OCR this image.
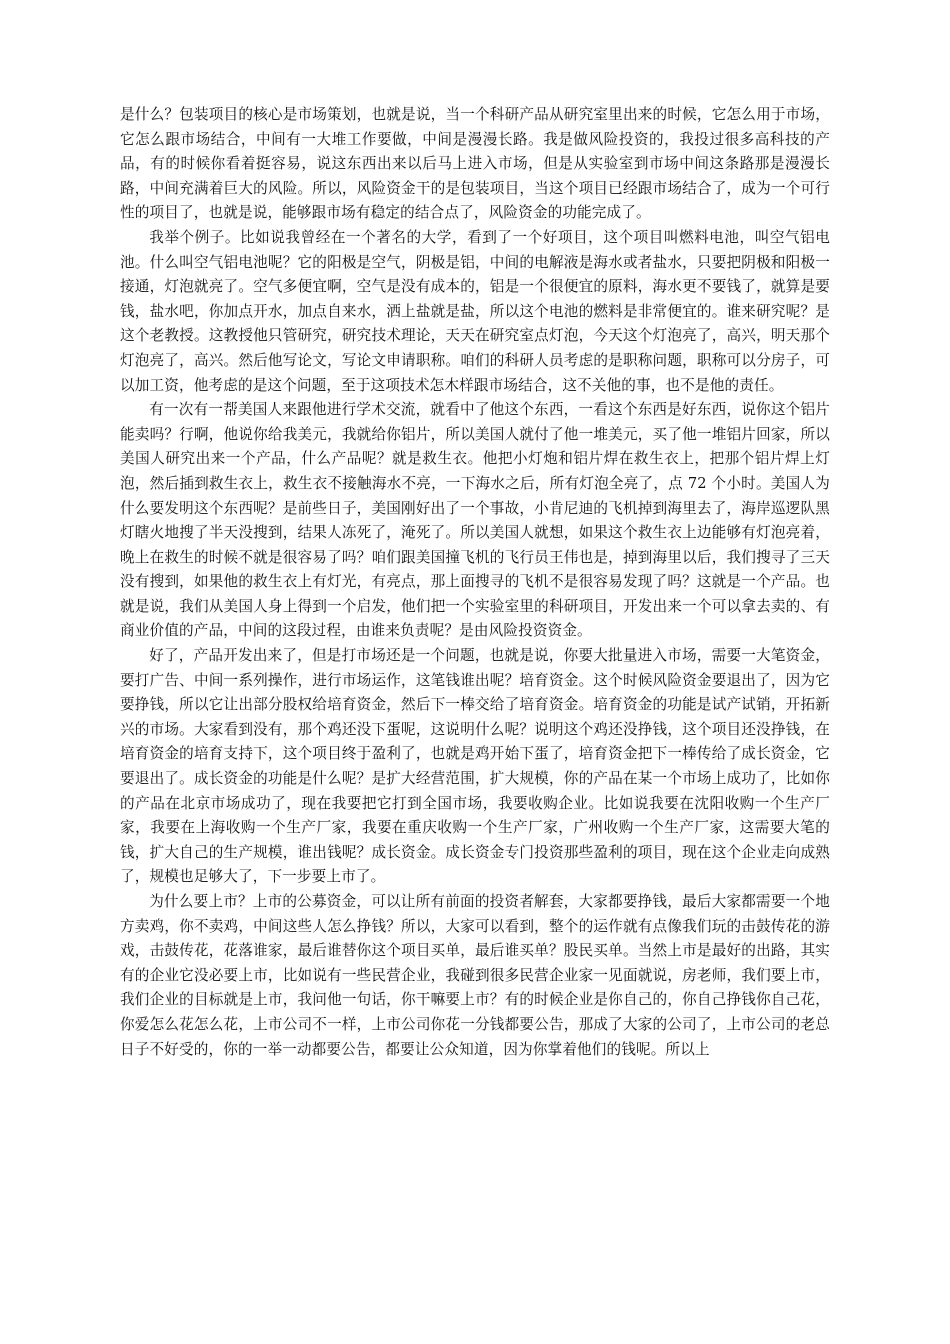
是什么？包装项目的核心是市场策划，也就是说，当一个科研产品从研究室里出来的时候，它怎么用于市场，它怎么跟市场结合，中间有一大堆工作要做，中间是漫漫长路。我是做风险投资的，我投过很多高科技的产品，有的时候你看着挺容易，说这东西出来以后马上进入市场，但是从实验室到市场中间这条路那是漫漫长路，中间充满着巨大的风险。所以，风险资金干的是包装项目，当这个项目已经跟市场结合了，成为一个可行性的项目了，也就是说，能够跟市场有稳定的结合点了，风险资金的功能完成了。

我举个例子。比如说我曾经在一个著名的大学，看到了一个好项目，这个项目叫燃料电池，叫空气铝电池。什么叫空气铝电池呢？它的阳极是空气，阴极是铝，中间的电解液是海水或者盐水，只要把阴极和阳极一接通，灯泡就亮了。空气多便宜啊，空气是没有成本的，铝是一个很便宜的原料，海水更不要钱了，就算是要钱，盐水吧，你加点开水，加点自来水，洒上盐就是盐，所以这个电池的燃料是非常便宜的。谁来研究呢？是这个老教授。这教授他只管研究，研究技术理论，天天在研究室点灯泡，今天这个灯泡亮了，高兴，明天那个灯泡亮了，高兴。然后他写论文，写论文申请职称。咱们的科研人员考虑的是职称问题，职称可以分房子，可以加工资，他考虑的是这个问题，至于这项技术怎木样跟市场结合，这不关他的事，也不是他的责任。

有一次有一帮美国人来跟他进行学术交流，就看中了他这个东西，一看这个东西是好东西，说你这个铝片能卖吗？行啊，他说你给我美元，我就给你铝片，所以美国人就付了他一堆美元，买了他一堆铝片回家，所以美国人研究出来一个产品，什么产品呢？就是救生衣。他把小灯炮和铝片焊在救生衣上，把那个铝片焊上灯泡，然后插到救生衣上，救生衣不接触海水不亮，一下海水之后，所有灯泡全亮了，点 72 个小时。美国人为什么要发明这个东西呢？是前些日子，美国刚好出了一个事故，小肯尼迪的飞机掉到海里去了，海岸巡逻队黑灯瞎火地搜了半天没搜到，结果人冻死了，淹死了。所以美国人就想，如果这个救生衣上边能够有灯泡亮着，晚上在救生的时候不就是很容易了吗？咱们跟美国撞飞机的飞行员王伟也是，掉到海里以后，我们搜寻了三天没有搜到，如果他的救生衣上有灯光，有亮点，那上面搜寻的飞机不是很容易发现了吗？这就是一个产品。也就是说，我们从美国人身上得到一个启发，他们把一个实验室里的科研项目，开发出来一个可以拿去卖的、有商业价值的产品，中间的这段过程，由谁来负责呢？是由风险投资资金。

好了，产品开发出来了，但是打市场还是一个问题，也就是说，你要大批量进入市场，需要一大笔资金，要打广告、中间一系列操作，进行市场运作，这笔钱谁出呢？培育资金。这个时候风险资金要退出了，因为它要挣钱，所以它让出部分股权给培育资金，然后下一棒交给了培育资金。培育资金的功能是试产试销，开拓新兴的市场。大家看到没有，那个鸡还没下蛋呢，这说明什么呢？说明这个鸡还没挣钱，这个项目还没挣钱，在培育资金的培育支持下，这个项目终于盈利了，也就是鸡开始下蛋了，培育资金把下一棒传给了成长资金，它要退出了。成长资金的功能是什么呢？是扩大经营范围，扩大规模，你的产品在某一个市场上成功了，比如你的产品在北京市场成功了，现在我要把它打到全国市场，我要收购企业。比如说我要在沈阳收购一个生产厂家，我要在上海收购一个生产厂家，我要在重庆收购一个生产厂家，广州收购一个生产厂家，这需要大笔的钱，扩大自己的生产规模，谁出钱呢？成长资金。成长资金专门投资那些盈利的项目，现在这个企业走向成熟了，规模也足够大了，下一步要上市了。

为什么要上市？上市的公募资金，可以让所有前面的投资者解套，大家都要挣钱，最后大家都需要一个地方卖鸡，你不卖鸡，中间这些人怎么挣钱？所以，大家可以看到，整个的运作就有点像我们玩的击鼓传花的游戏，击鼓传花，花落谁家，最后谁替你这个项目买单，最后谁买单？股民买单。当然上市是最好的出路，其实有的企业它没必要上市，比如说有一些民营企业，我碰到很多民营企业家一见面就说，房老师，我们要上市，我们企业的目标就是上市，我问他一句话，你干嘛要上市？有的时候企业是你自己的，你自己挣钱你自己花，你爱怎么花怎么花，上市公司不一样，上市公司你花一分钱都要公告，那成了大家的公司了，上市公司的老总日子不好受的，你的一举一动都要公告，都要让公众知道，因为你掌着他们的钱呢。所以上
